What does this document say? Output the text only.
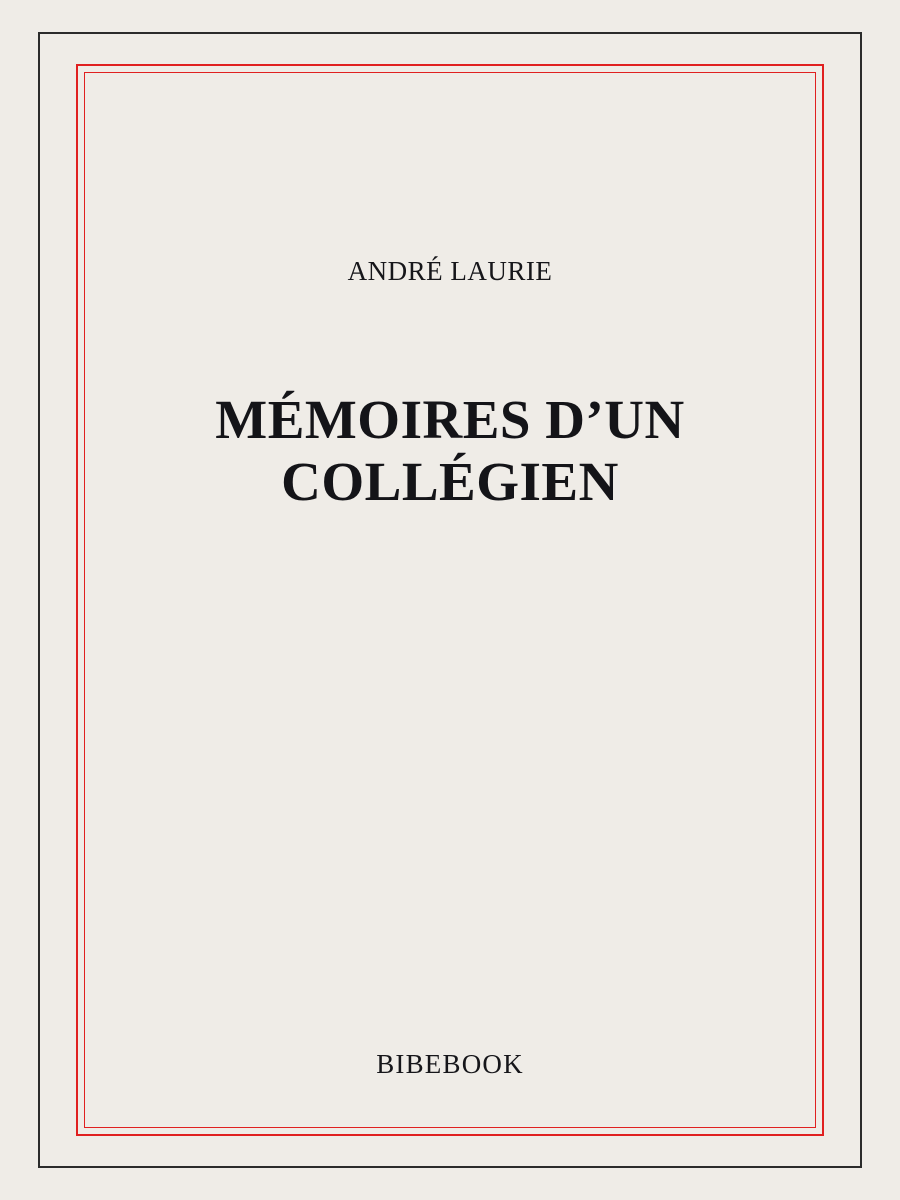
ANDRÉ LAURIE
MÉMOIRES D’UN
COLLÉGIEN
BIBEBOOK
